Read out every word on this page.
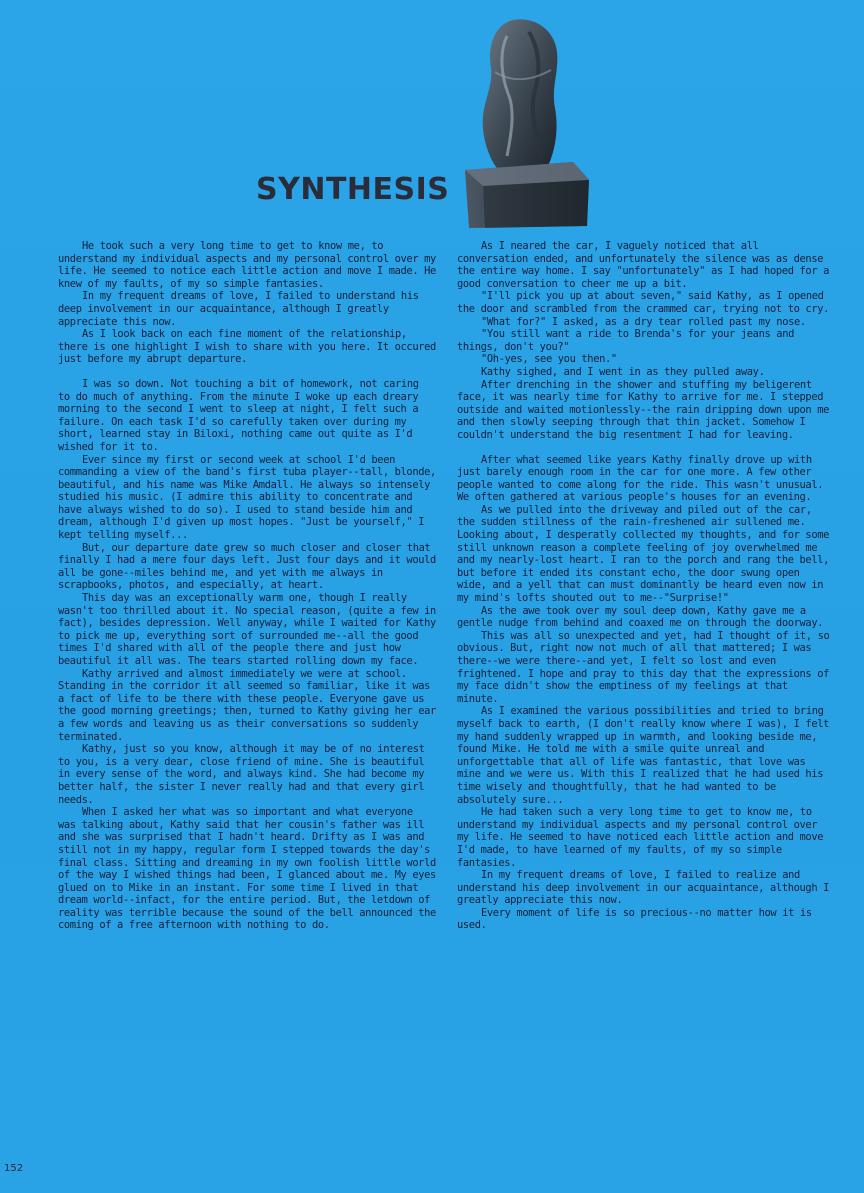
SYNTHESIS

He took such a very long time to get to know me, to understand my individual aspects and my personal control over my life. He seemed to notice each little action and move I made. He knew of my faults, of my so simple fantasies.

In my frequent dreams of love, I failed to understand his deep involvement in our acquaintance, although I greatly appreciate this now.

As I look back on each fine moment of the relationship, there is one highlight I wish to share with you here. It occured just before my abrupt departure.

I was so down. Not touching a bit of homework, not caring to do much of anything. From the minute I woke up each dreary morning to the second I went to sleep at night, I felt such a failure. On each task I'd so carefully taken over during my short, learned stay in Biloxi, nothing came out quite as I'd wished for it to.

Ever since my first or second week at school I'd been commanding a view of the band's first tuba player--tall, blonde, beautiful, and his name was Mike Amdall. He always so intensely studied his music. (I admire this ability to concentrate and have always wished to do so). I used to stand beside him and dream, although I'd given up most hopes. "Just be yourself," I kept telling myself...

But, our departure date grew so much closer and closer that finally I had a mere four days left. Just four days and it would all be gone--miles behind me, and yet with me always in scrapbooks, photos, and especially, at heart.

This day was an exceptionally warm one, though I really wasn't too thrilled about it. No special reason, (quite a few in fact), besides depression. Well anyway, while I waited for Kathy to pick me up, everything sort of surrounded me--all the good times I'd shared with all of the people there and just how beautiful it all was. The tears started rolling down my face.

Kathy arrived and almost immediately we were at school. Standing in the corridor it all seemed so familiar, like it was a fact of life to be there with these people. Everyone gave us the good morning greetings; then, turned to Kathy giving her ear a few words and leaving us as their conversations so suddenly terminated.

Kathy, just so you know, although it may be of no interest to you, is a very dear, close friend of mine. She is beautiful in every sense of the word, and always kind. She had become my better half, the sister I never really had and that every girl needs.

When I asked her what was so important and what everyone was talking about, Kathy said that her cousin's father was ill and she was surprised that I hadn't heard. Drifty as I was and still not in my happy, regular form I stepped towards the day's final class. Sitting and dreaming in my own foolish little world of the way I wished things had been, I glanced about me. My eyes glued on to Mike in an instant. For some time I lived in that dream world--infact, for the entire period. But, the letdown of reality was terrible because the sound of the bell announced the coming of a free afternoon with nothing to do.

As I neared the car, I vaguely noticed that all conversation ended, and unfortunately the silence was as dense the entire way home. I say "unfortunately" as I had hoped for a good conversation to cheer me up a bit.

"I'll pick you up at about seven," said Kathy, as I opened the door and scrambled from the crammed car, trying not to cry.

"What for?" I asked, as a dry tear rolled past my nose.

"You still want a ride to Brenda's for your jeans and things, don't you?"

"Oh-yes, see you then."

Kathy sighed, and I went in as they pulled away.

After drenching in the shower and stuffing my beligerent face, it was nearly time for Kathy to arrive for me. I stepped outside and waited motionlessly--the rain dripping down upon me and then slowly seeping through that thin jacket. Somehow I couldn't understand the big resentment I had for leaving.

After what seemed like years Kathy finally drove up with just barely enough room in the car for one more. A few other people wanted to come along for the ride. This wasn't unusual. We often gathered at various people's houses for an evening.

As we pulled into the driveway and piled out of the car, the sudden stillness of the rain-freshened air sullened me. Looking about, I desperatly collected my thoughts, and for some still unknown reason a complete feeling of joy overwhelmed me and my nearly-lost heart. I ran to the porch and rang the bell, but before it ended its constant echo, the door swung open wide, and a yell that can must dominantly be heard even now in my mind's lofts shouted out to me--"Surprise!"

As the awe took over my soul deep down, Kathy gave me a gentle nudge from behind and coaxed me on through the doorway.

This was all so unexpected and yet, had I thought of it, so obvious. But, right now not much of all that mattered; I was there--we were there--and yet, I felt so lost and even frightened. I hope and pray to this day that the expressions of my face didn't show the emptiness of my feelings at that minute.

As I examined the various possibilities and tried to bring myself back to earth, (I don't really know where I was), I felt my hand suddenly wrapped up in warmth, and looking beside me, found Mike. He told me with a smile quite unreal and unforgettable that all of life was fantastic, that love was mine and we were us. With this I realized that he had used his time wisely and thoughtfully, that he had wanted to be absolutely sure...

He had taken such a very long time to get to know me, to understand my individual aspects and my personal control over my life. He seemed to have noticed each little action and move I'd made, to have learned of my faults, of my so simple fantasies.

In my frequent dreams of love, I failed to realize and understand his deep involvement in our acquaintance, although I greatly appreciate this now.

Every moment of life is so precious--no matter how it is used.

152
